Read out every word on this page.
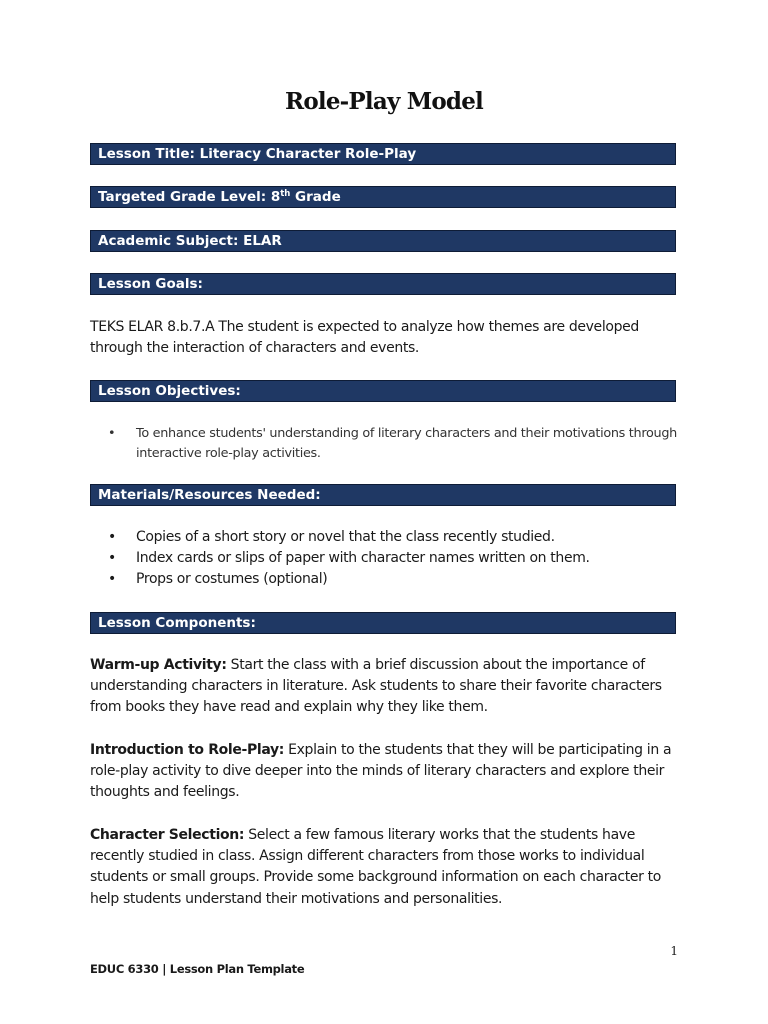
Role-Play Model
Lesson Title: Literacy Character Role-Play
Targeted Grade Level: 8th Grade
Academic Subject: ELAR
Lesson Goals:
TEKS ELAR 8.b.7.A The student is expected to analyze how themes are developed through the interaction of characters and events.
Lesson Objectives:
• To enhance students' understanding of literary characters and their motivations through interactive role-play activities.
Materials/Resources Needed:
• Copies of a short story or novel that the class recently studied.
• Index cards or slips of paper with character names written on them.
• Props or costumes (optional)
Lesson Components:
Warm-up Activity: Start the class with a brief discussion about the importance of understanding characters in literature. Ask students to share their favorite characters from books they have read and explain why they like them.
Introduction to Role-Play: Explain to the students that they will be participating in a role-play activity to dive deeper into the minds of literary characters and explore their thoughts and feelings.
Character Selection: Select a few famous literary works that the students have recently studied in class. Assign different characters from those works to individual students or small groups. Provide some background information on each character to help students understand their motivations and personalities.
1
EDUC 6330 | Lesson Plan Template
